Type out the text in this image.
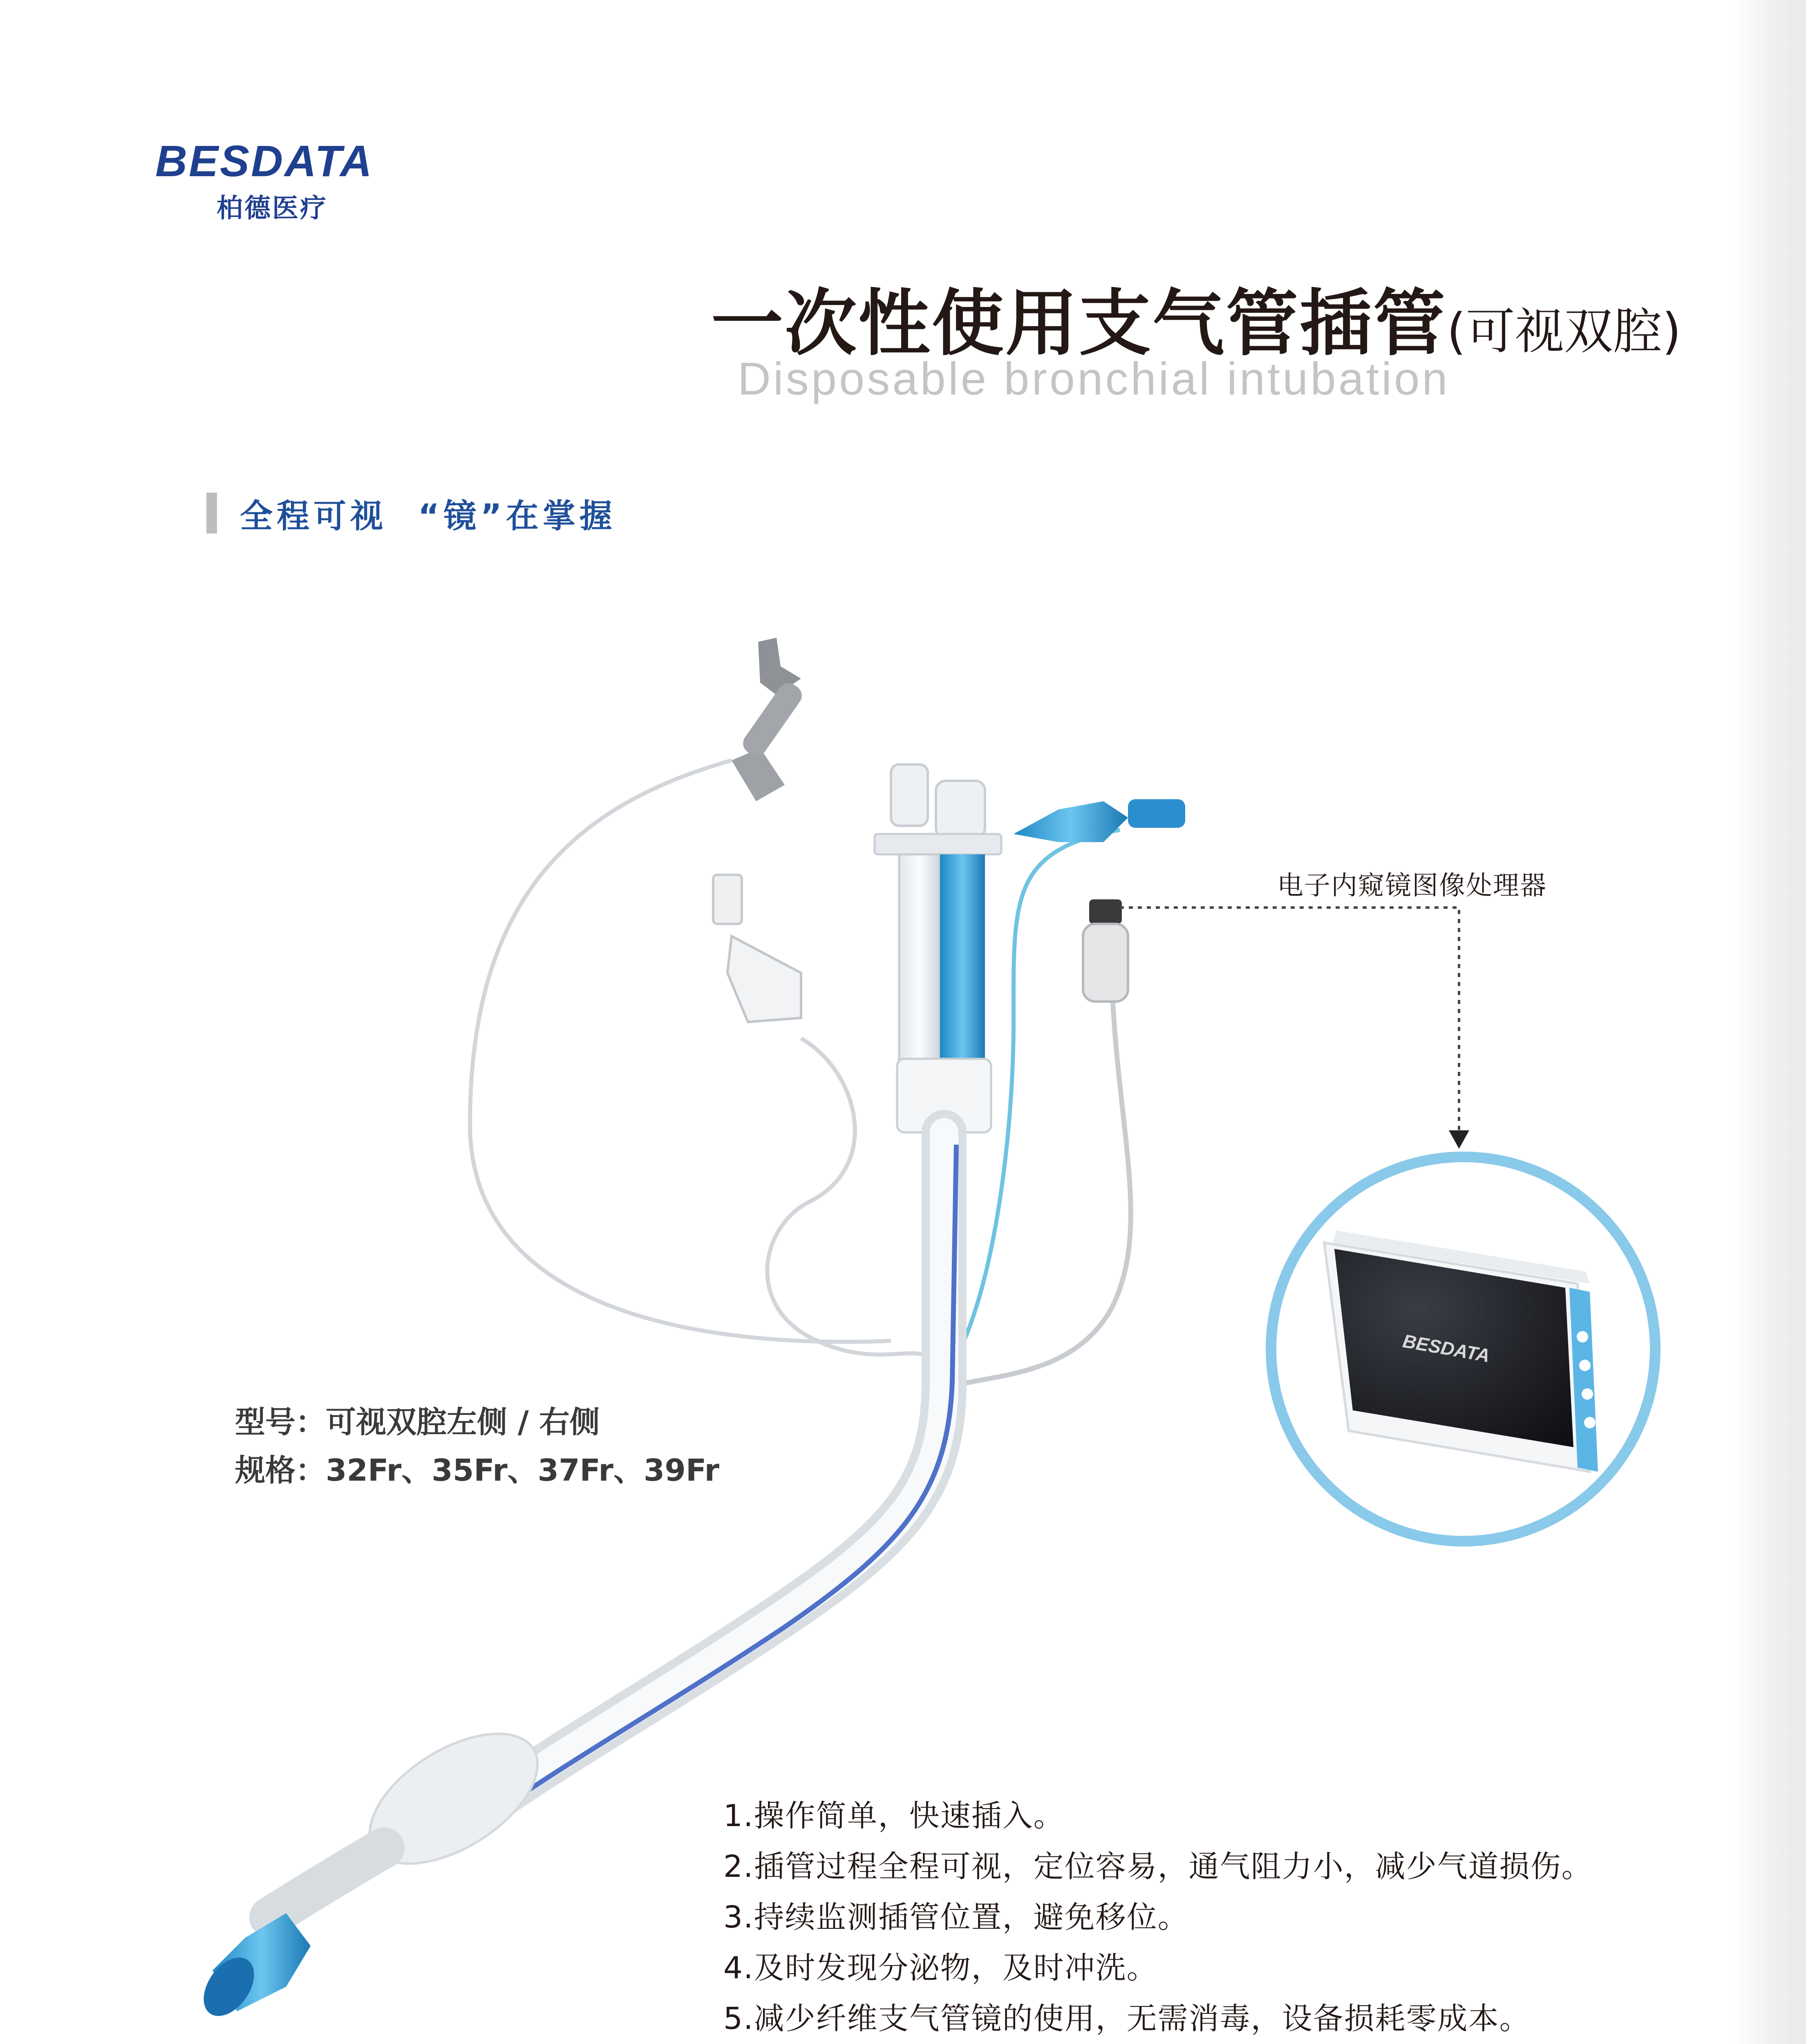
BESDATA
柏德医疗
一次性使用支气管插管(可视双腔)
Disposable bronchial intubation
全程可视  “镜”在掌握
BESDATA
电子内窥镜图像处理器
型号：可视双腔左侧 / 右侧
规格：32Fr、35Fr、37Fr、39Fr
1.操作简单，快速插入。
2.插管过程全程可视，定位容易，通气阻力小，减少气道损伤。
3.持续监测插管位置，避免移位。
4.及时发现分泌物，及时冲洗。
5.减少纤维支气管镜的使用，无需消毒，设备损耗零成本。
